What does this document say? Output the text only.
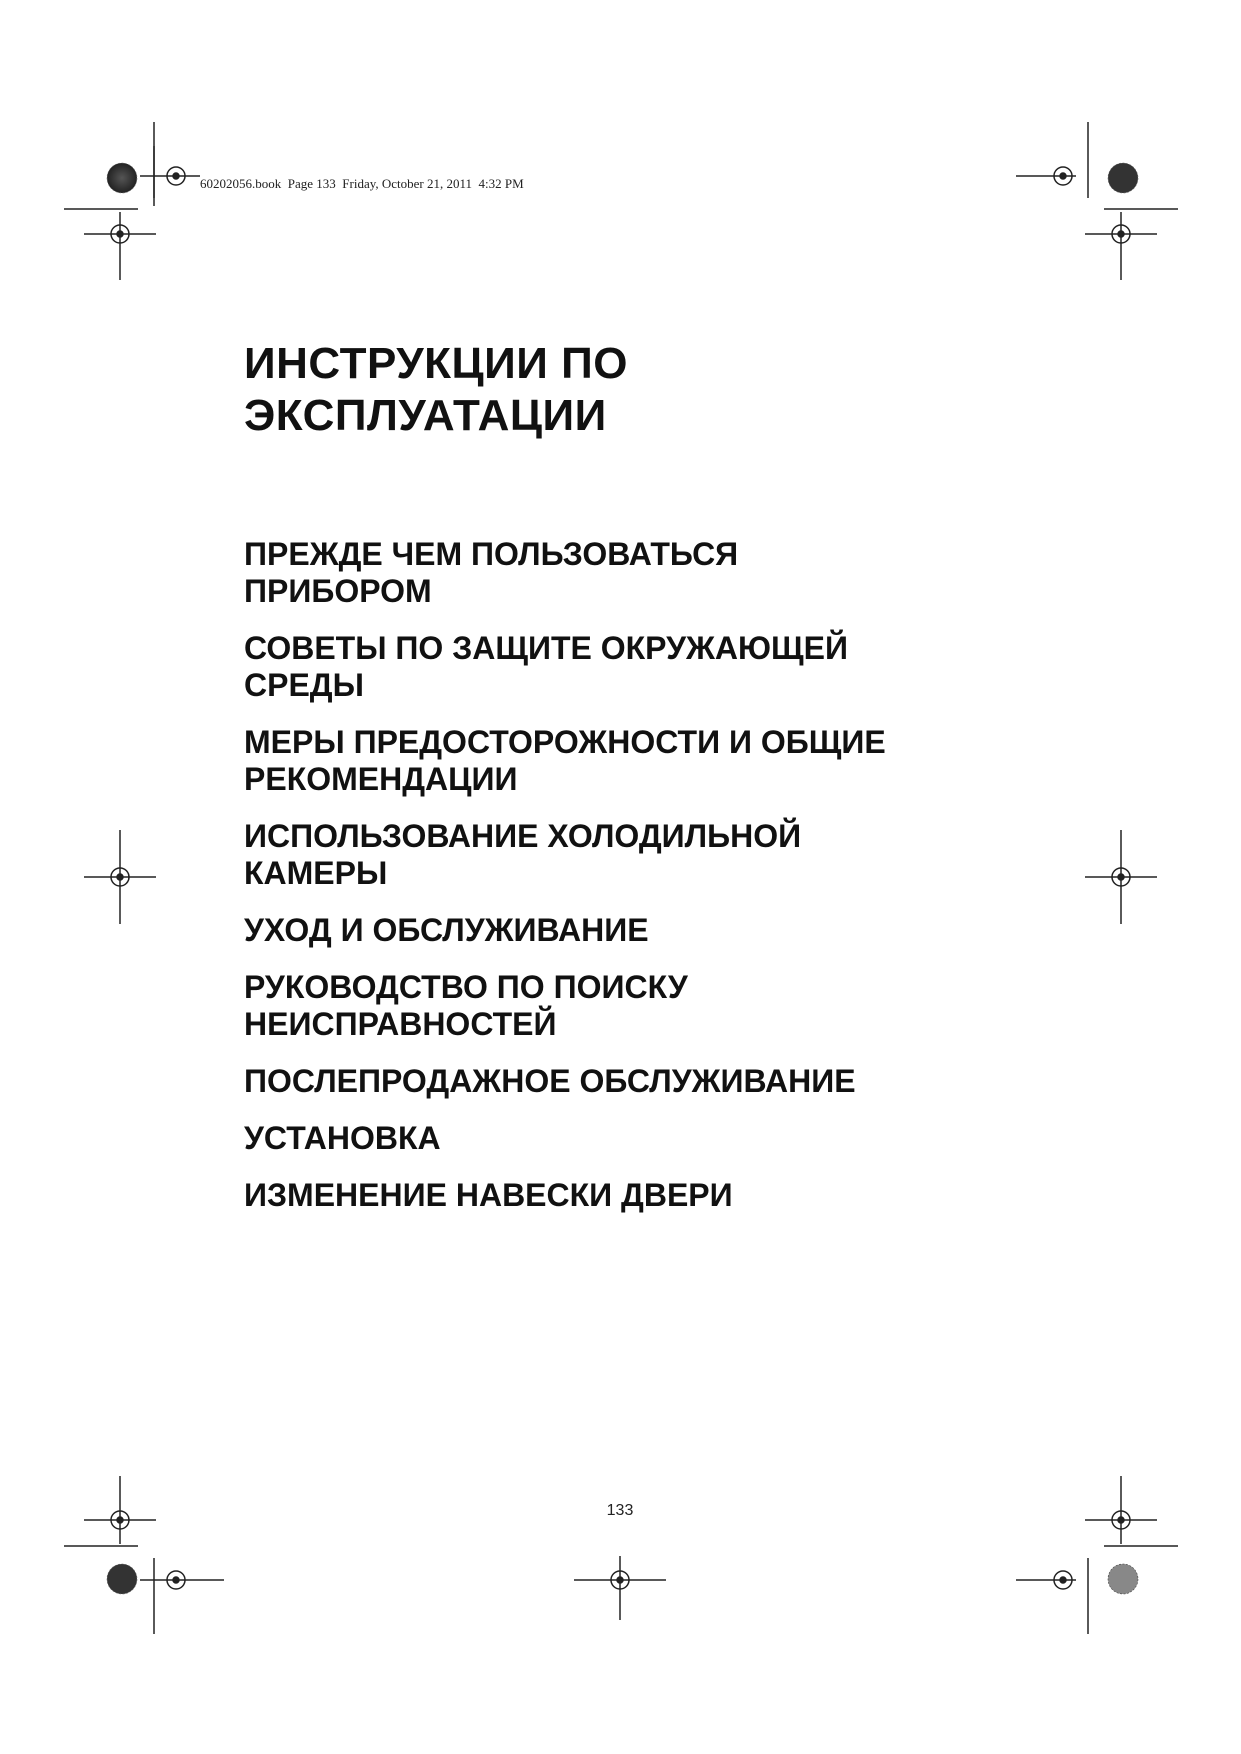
60202056.book  Page 133  Friday, October 21, 2011  4:32 PM
ИНСТРУКЦИИ ПО
ЭКСПЛУАТАЦИИ
ПРЕЖДЕ ЧЕМ ПОЛЬЗОВАТЬСЯ
ПРИБОРОМ
СОВЕТЫ ПО ЗАЩИТЕ ОКРУЖАЮЩЕЙ
СРЕДЫ
МЕРЫ ПРЕДОСТОРОЖНОСТИ И ОБЩИЕ
РЕКОМЕНДАЦИИ
ИСПОЛЬЗОВАНИЕ ХОЛОДИЛЬНОЙ
КАМЕРЫ
УХОД И ОБСЛУЖИВАНИЕ
РУКОВОДСТВО ПО ПОИСКУ
НЕИСПРАВНОСТЕЙ
ПОСЛЕПРОДАЖНОЕ ОБСЛУЖИВАНИЕ
УСТАНОВКА
ИЗМЕНЕНИЕ НАВЕСКИ ДВЕРИ
133
